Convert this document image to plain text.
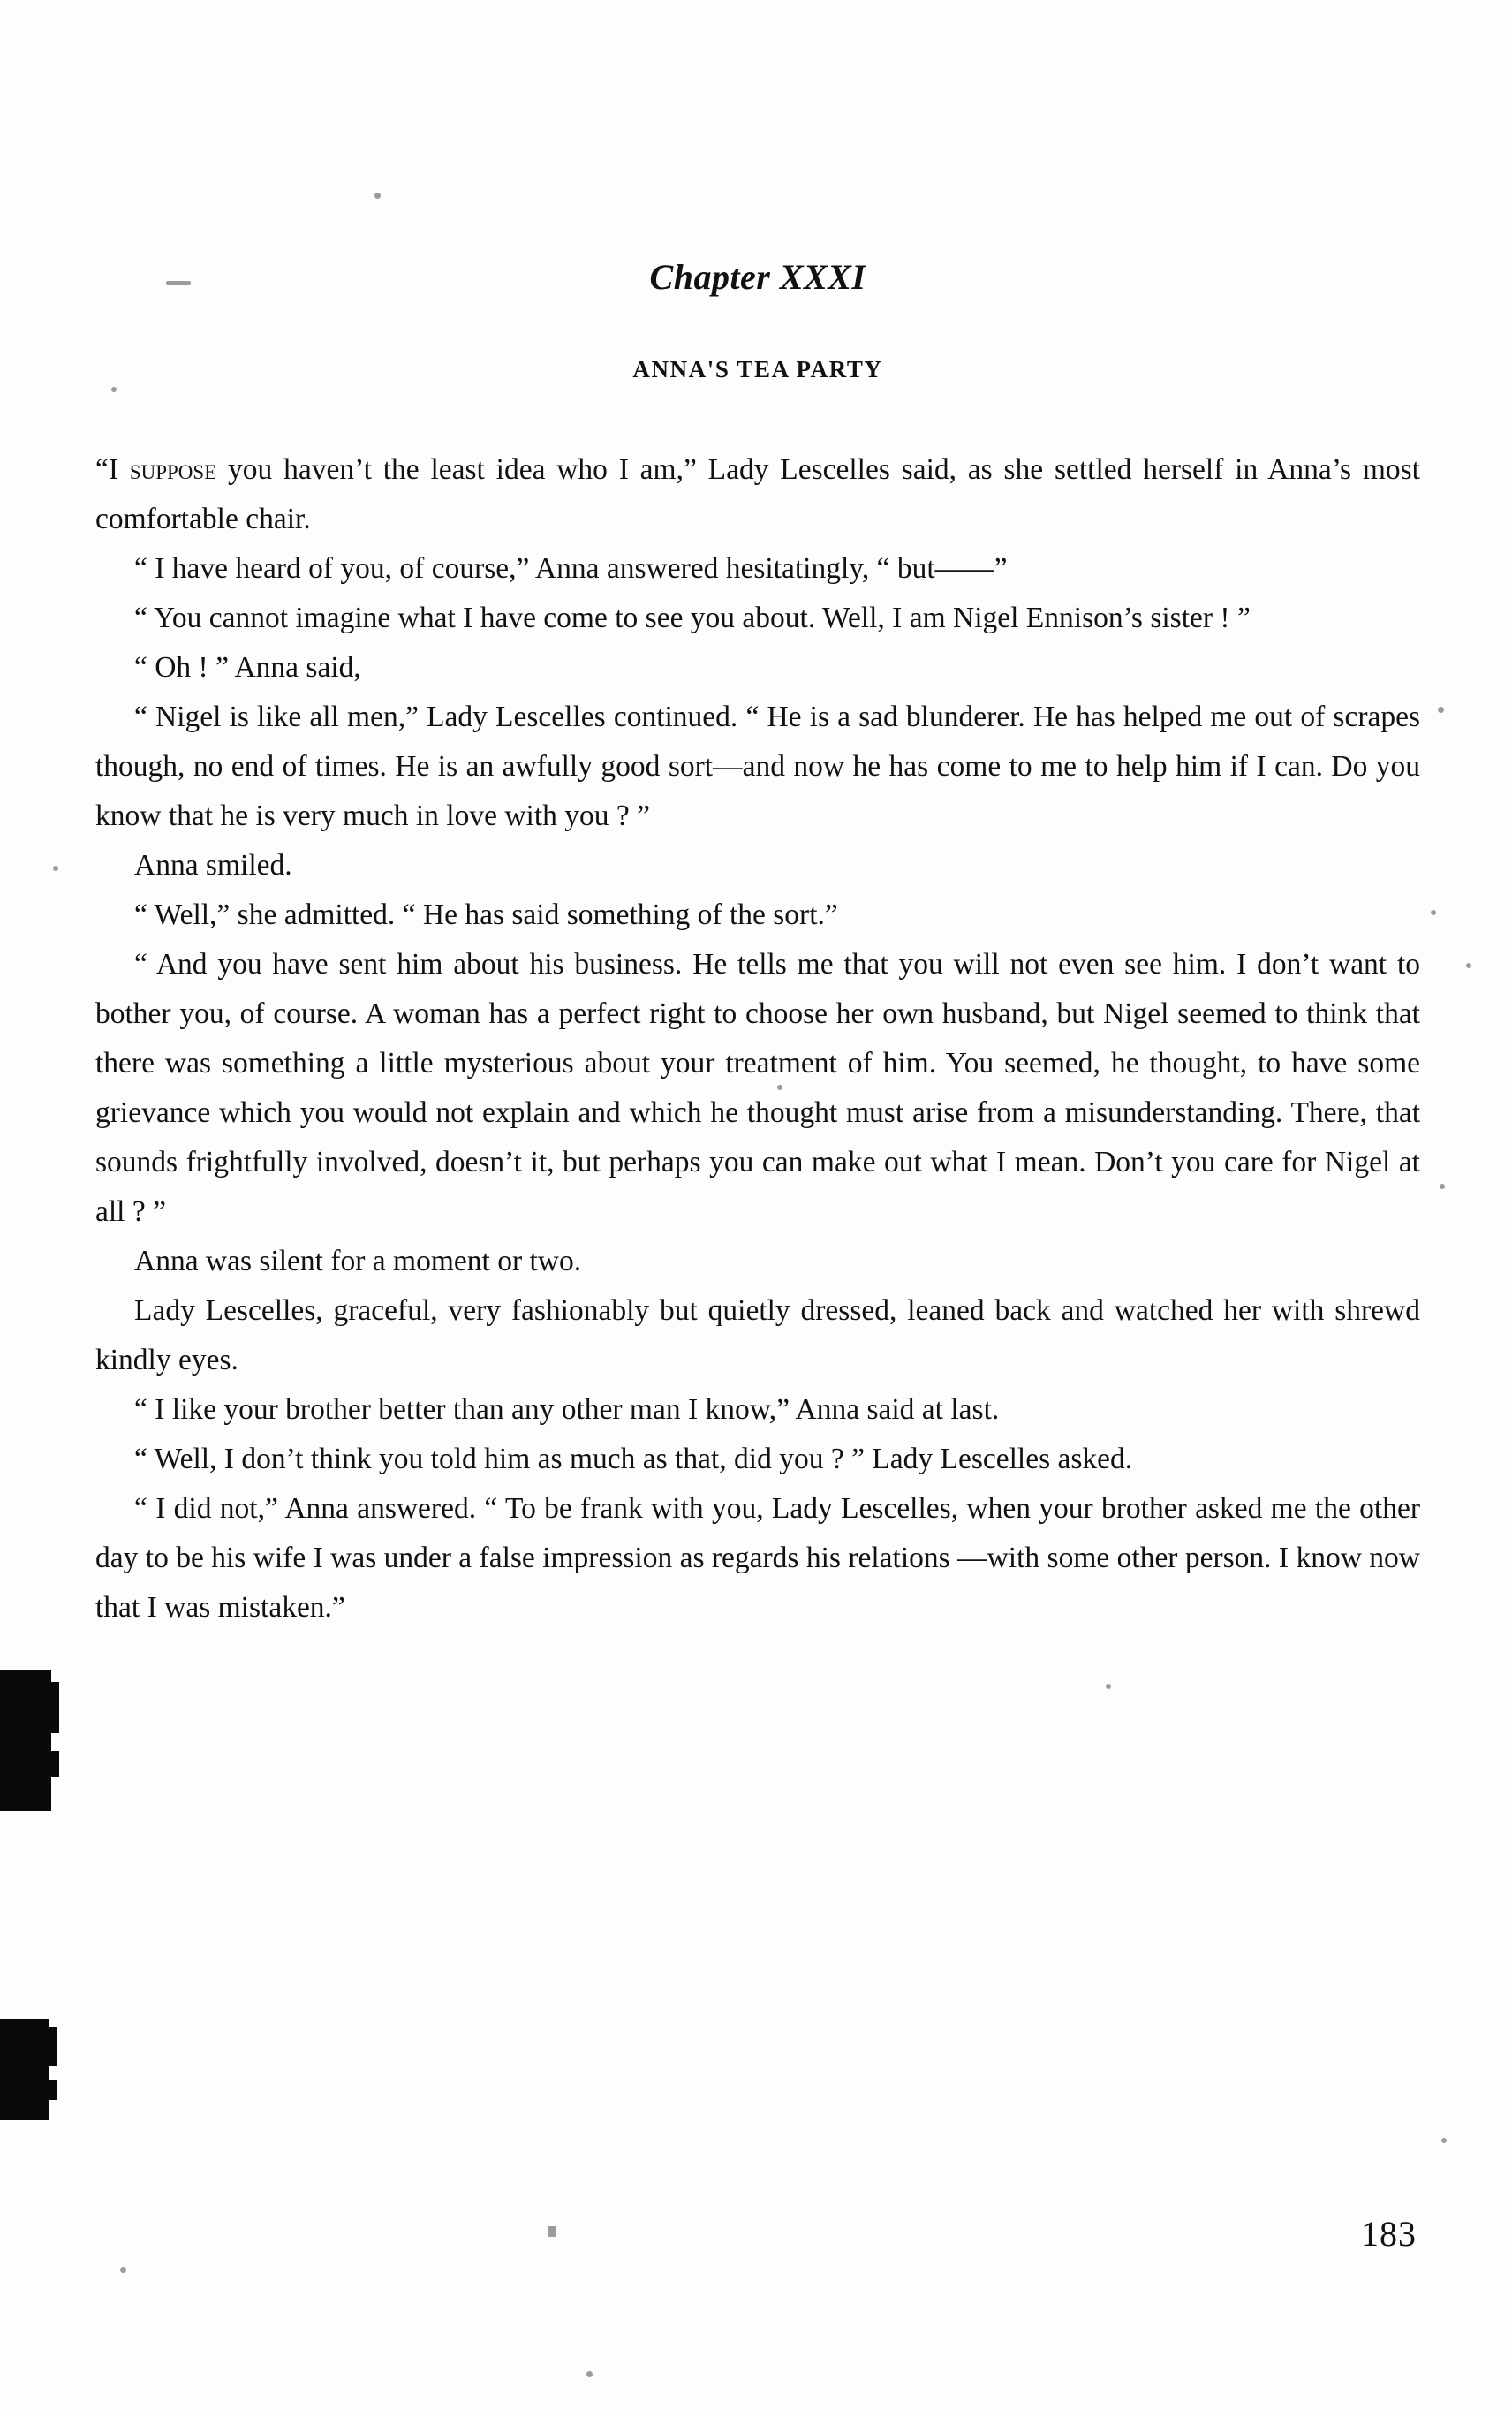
Chapter XXXI
ANNA'S TEA PARTY

“I suppose you haven’t the least idea who I am,” Lady Lescelles said, as she settled herself in Anna’s most comfortable chair.

“ I have heard of you, of course,” Anna answered hesitatingly, “ but——”

“ You cannot imagine what I have come to see you about. Well, I am Nigel Ennison’s sister ! ”

“ Oh ! ” Anna said,

“ Nigel is like all men,” Lady Lescelles continued. “ He is a sad blunderer. He has helped me out of scrapes though, no end of times. He is an awfully good sort—and now he has come to me to help him if I can. Do you know that he is very much in love with you ? ”

Anna smiled.

“ Well,” she admitted. “ He has said something of the sort.”

“ And you have sent him about his business. He tells me that you will not even see him. I don’t want to bother you, of course. A woman has a perfect right to choose her own husband, but Nigel seemed to think that there was something a little mysterious about your treatment of him. You seemed, he thought, to have some grievance which you would not explain and which he thought must arise from a misunderstanding. There, that sounds frightfully involved, doesn’t it, but perhaps you can make out what I mean. Don’t you care for Nigel at all ? ”

Anna was silent for a moment or two.

Lady Lescelles, graceful, very fashionably but quietly dressed, leaned back and watched her with shrewd kindly eyes.

“ I like your brother better than any other man I know,” Anna said at last.

“ Well, I don’t think you told him as much as that, did you ? ” Lady Lescelles asked.

“ I did not,” Anna answered. “ To be frank with you, Lady Lescelles, when your brother asked me the other day to be his wife I was under a false impression as regards his relations —with some other person. I know now that I was mistaken.”

183
